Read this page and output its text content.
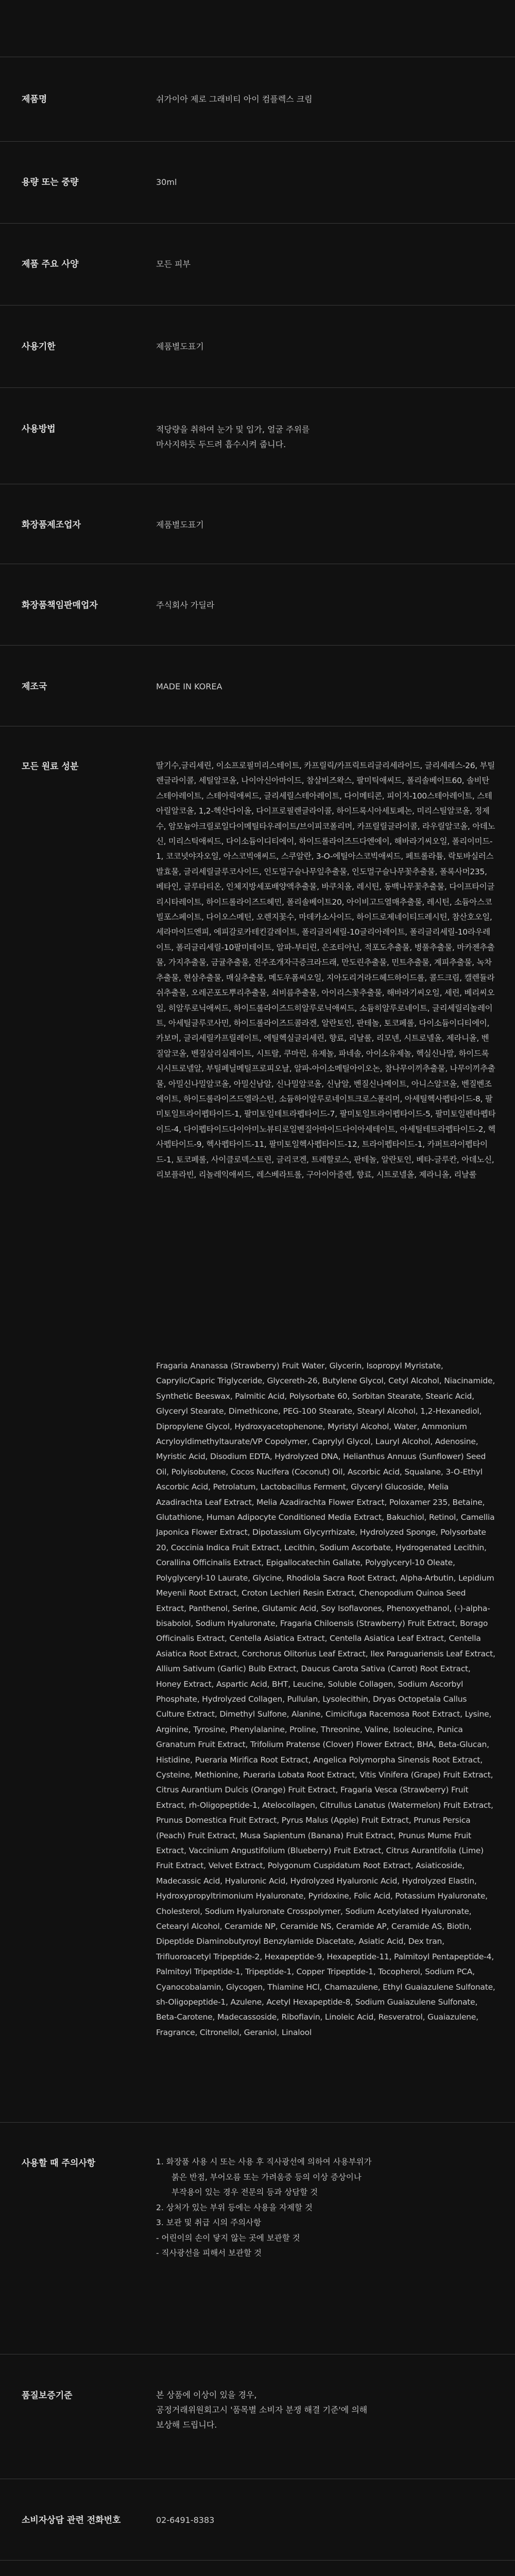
제품명	쉬가이아 제로 그래비티 아이 컴플렉스 크림
용량 또는 중량	30ml
제품 주요 사양	모든 피부
사용기한	제품별도표기
사용방법	적당량을 취하여 눈가 및 입가, 얼굴 주위를
마사지하듯 두드려 흡수시켜 줍니다.
화장품제조업자	제품별도표기
화장품책임판매업자	주식회사 가딜라
제조국	MADE IN KOREA
모든 원료 성분	딸기수,글리세린, 이소프로필미리스테이트, 카프릴릭/카프릭트리글리세라이드, 글리세레스-26, 부틸렌글라이콜, 세틸알코올, 나이아신아마이드, 참살비즈왁스, 팔미틱애씨드, 폴리솔베이트60, 솔비탄스테아레이트, 스테아릭애씨드, 글리세릴스테아레이트, 다이메티콘, 피이지-100스테아레이트, 스테아릴알코올, 1,2-헥산다이올, 다이프로필렌글라이콜, 하이드록시아세토페논, 미리스틸알코올, 정제수, 암모늄아크릴로일다이메틸타우레이트/브이피코폴리머, 카프릴릴글라이콜, 라우릴알코올, 아데노신, 미리스틱애씨드, 다이소듐이디티에이, 하이드롤라이즈드다엔에이, 해바라기씨오일, 폴리이미드-1, 코코넛야자오일, 아스코빅애씨드, 스쿠알란, 3-O-에틸아스코빅애씨드, 페트롤라튬, 락토바실러스발효물, 글리세릴글루코사이드, 인도멀구슬나무잎추출물, 인도멀구슬나무꽃추출물, 폴록사머235, 베타인, 글루타티온, 인체지방세포배양액추출물, 바쿠치올, 레시틴, 동백나무꽃추출물, 다이프타이글리시타레이트, 하이드롤라이즈드헤민, 폴리솔베이트20, 아이비고드열매추출물, 레시틴, 소듐아스코빌포스페이트, 다이오스메틴, 오렌지꽃수, 마데카소사이드, 하이드로제네이티드레시틴, 참산호오일, 세라마이드엔피, 에피갈로카테킨갈레이트, 폴리글리세릴-10글리아레이트, 폴리글리세릴-10라우레이트, 폴리글리세릴-10팔미테이트, 알파-부티린, 은조티아닌, 적포도추출물, 병풀추출물, 마카젠추출물, 가지추출물, 금귤추출물, 진주조개자극증크라드래, 만도린추출물, 민트추출물, 계피추출물, 녹차추출물, 현삼추출물, 매실추출물, 메도우폼씨오일, 지아도리거라드헤드하이드롤, 콜드크림, 캘렌듈라쉬추출물, 오레곤포도뿌리추출물, 쇠비름추출물, 아이리스꽃추출물, 해바라기씨오일, 세린, 베리씨오일, 히알루로닉애씨드, 하이드롤라이즈드히알루로닉애씨드, 소듐히알루로네이트, 글리세릴리놀레이트, 아세틸글루코사민, 하이드롤라이즈드콜라겐, 알란토인, 판테놀, 토코페롤, 다이소듐이디티에이, 카보머, 글리세릴카프릴레이트, 에틸헥실글리세린, 향료, 리날룰, 리모넨, 시트로넬올, 제라니올, 벤질알코올, 벤질살리실레이트, 시트랄, 쿠마린, 유제놀, 파네솔, 아이소유제놀, 헥실신나말, 하이드록시시트로넬알, 부틸페닐메틸프로피오날, 알파-아이소메틸아이오논, 참나무이끼추출물, 나무이끼추출물, 아밀신나밀알코올, 아밀신남알, 신나밀알코올, 신남알, 벤질신나메이트, 아니스알코올, 벤질벤조에이트, 하이드롤라이즈드엘라스틴, 소듐하이알루로네이트크로스폴리머, 아세틸헥사펩타이드-8, 팔미토일트라이펩타이드-1, 팔미토일테트라펩타이드-7, 팔미토일트라이펩타이드-5, 팔미토일펜타펩타이드-4, 다이펩타이드다이아미노뷰티로일벤질아마이드다이아세테이트, 아세틸테트라펩타이드-2, 헥사펩타이드-9, 헥사펩타이드-11, 팔미토일헥사펩타이드-12, 트라이펩타이드-1, 카퍼트라이펩타이드-1, 토코페롤, 사이클로덱스트린, 글리코겐, 트레할로스, 판테놀, 알란토인, 베타-글루칸, 아데노신, 리보플라빈, 리놀레익애씨드, 레스베라트롤, 구아이아줄렌, 향료, 시트로넬올, 제라니올, 리날룰
Fragaria Ananassa (Strawberry) Fruit Water, Glycerin, Isopropyl Myristate, Caprylic/Capric Triglyceride, Glycereth-26, Butylene Glycol, Cetyl Alcohol, Niacinamide, Synthetic Beeswax, Palmitic Acid, Polysorbate 60, Sorbitan Stearate, Stearic Acid, Glyceryl Stearate, Dimethicone, PEG-100 Stearate, Stearyl Alcohol, 1,2-Hexanediol, Dipropylene Glycol, Hydroxyacetophenone, Myristyl Alcohol, Water, Ammonium Acryloyldimethyltaurate/VP Copolymer, Caprylyl Glycol, Lauryl Alcohol, Adenosine, Myristic Acid, Disodium EDTA, Hydrolyzed DNA, Helianthus Annuus (Sunflower) Seed Oil, Polyisobutene, Cocos Nucifera (Coconut) Oil, Ascorbic Acid, Squalane, 3-O-Ethyl Ascorbic Acid, Petrolatum, Lactobacillus Ferment, Glyceryl Glucoside, Melia Azadirachta Leaf Extract, Melia Azadirachta Flower Extract, Poloxamer 235, Betaine, Glutathione, Human Adipocyte Conditioned Media Extract, Bakuchiol, Retinol, Camellia Japonica Flower Extract, Dipotassium Glycyrrhizate, Hydrolyzed Sponge, Polysorbate 20, Coccinia Indica Fruit Extract, Lecithin, Sodium Ascorbate, Hydrogenated Lecithin, Corallina Officinalis Extract, Epigallocatechin Gallate, Polyglyceryl-10 Oleate, Polyglyceryl-10 Laurate, Glycine, Rhodiola Sacra Root Extract, Alpha-Arbutin, Lepidium Meyenii Root Extract, Croton Lechleri Resin Extract, Chenopodium Quinoa Seed Extract, Panthenol, Serine, Glutamic Acid, Soy Isoflavones, Phenoxyethanol, (-)-alpha-bisabolol, Sodium Hyaluronate, Fragaria Chiloensis (Strawberry) Fruit Extract, Borago Officinalis Extract, Centella Asiatica Extract, Centella Asiatica Leaf Extract, Centella Asiatica Root Extract, Corchorus Olitorius Leaf Extract, Ilex Paraguariensis Leaf Extract, Allium Sativum (Garlic) Bulb Extract, Daucus Carota Sativa (Carrot) Root Extract, Honey Extract, Aspartic Acid, BHT, Leucine, Soluble Collagen, Sodium Ascorbyl Phosphate, Hydrolyzed Collagen, Pullulan, Lysolecithin, Dryas Octopetala Callus Culture Extract, Dimethyl Sulfone, Alanine, Cimicifuga Racemosa Root Extract, Lysine, Arginine, Tyrosine, Phenylalanine, Proline, Threonine, Valine, Isoleucine, Punica Granatum Fruit Extract, Trifolium Pratense (Clover) Flower Extract, BHA, Beta-Glucan, Histidine, Pueraria Mirifica Root Extract, Angelica Polymorpha Sinensis Root Extract, Cysteine, Methionine, Pueraria Lobata Root Extract, Vitis Vinifera (Grape) Fruit Extract, Citrus Aurantium Dulcis (Orange) Fruit Extract, Fragaria Vesca (Strawberry) Fruit Extract, rh-Oligopeptide-1, Atelocollagen, Citrullus Lanatus (Watermelon) Fruit Extract, Prunus Domestica Fruit Extract, Pyrus Malus (Apple) Fruit Extract, Prunus Persica (Peach) Fruit Extract, Musa Sapientum (Banana) Fruit Extract, Prunus Mume Fruit Extract, Vaccinium Angustifolium (Blueberry) Fruit Extract, Citrus Aurantifolia (Lime) Fruit Extract, Velvet Extract, Polygonum Cuspidatum Root Extract, Asiaticoside, Madecassic Acid, Hyaluronic Acid, Hydrolyzed Hyaluronic Acid, Hydrolyzed Elastin, Hydroxypropyltrimonium Hyaluronate, Pyridoxine, Folic Acid, Potassium Hyaluronate, Cholesterol, Sodium Hyaluronate Crosspolymer, Sodium Acetylated Hyaluronate, Cetearyl Alcohol, Ceramide NP, Ceramide NS, Ceramide AP, Ceramide AS, Biotin, Dipeptide Diaminobutyroyl Benzylamide Diacetate, Asiatic Acid, Dex tran, Trifluoroacetyl Tripeptide-2, Hexapeptide-9, Hexapeptide-11, Palmitoyl Pentapeptide-4, Palmitoyl Tripeptide-1, Tripeptide-1, Copper Tripeptide-1, Tocopherol, Sodium PCA, Cyanocobalamin, Glycogen, Thiamine HCl, Chamazulene, Ethyl Guaiazulene Sulfonate, sh-Oligopeptide-1, Azulene, Acetyl Hexapeptide-8, Sodium Guaiazulene Sulfonate, Beta-Carotene, Madecassoside, Riboflavin, Linoleic Acid, Resveratrol, Guaiazulene, Fragrance, Citronellol, Geraniol, Linalool
사용할 때 주의사항	1. 화장품 사용 시 또는 사용 후 직사광선에 의하여 사용부위가
붉은 반점, 부어오름 또는 가려움증 등의 이상 증상이나
부작용이 있는 경우 전문의 등과 상담할 것
2. 상처가 있는 부위 등에는 사용을 자제할 것
3. 보관 및 취급 시의 주의사항
- 어린이의 손이 닿지 않는 곳에 보관할 것
- 직사광선을 피해서 보관할 것
품질보증기준	본 상품에 이상이 있을 경우,
공정거래위원회고시 '품목별 소비자 분쟁 해결 기준'에 의해
보상해 드립니다.
소비자상담 관련 전화번호	02-6491-8383
